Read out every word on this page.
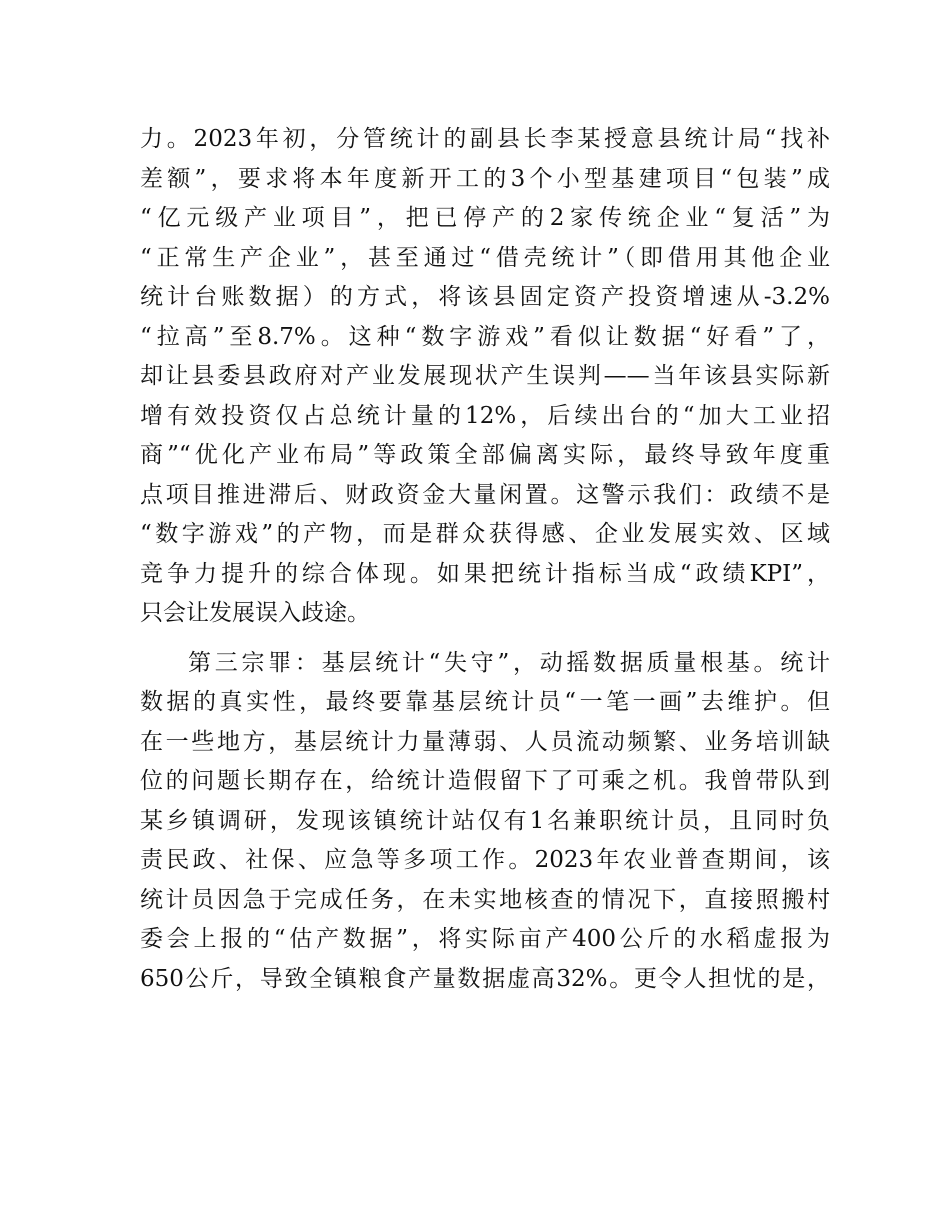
力。2023年初，分管统计的副县长李某授意县统计局“找补
差额”，要求将本年度新开工的3个小型基建项目“包装”成
“亿元级产业项目”，把已停产的2家传统企业“复活”为
“正常生产企业”，甚至通过“借壳统计”（即借用其他企业
统计台账数据）的方式，将该县固定资产投资增速从-3.2%
“拉高”至8.7%。这种“数字游戏”看似让数据“好看”了，
却让县委县政府对产业发展现状产生误判——当年该县实际新
增有效投资仅占总统计量的12%，后续出台的“加大工业招
商”“优化产业布局”等政策全部偏离实际，最终导致年度重
点项目推进滞后、财政资金大量闲置。这警示我们：政绩不是
“数字游戏”的产物，而是群众获得感、企业发展实效、区域
竞争力提升的综合体现。如果把统计指标当成“政绩KPI”，
只会让发展误入歧途。
第三宗罪：基层统计“失守”，动摇数据质量根基。统计
数据的真实性，最终要靠基层统计员“一笔一画”去维护。但
在一些地方，基层统计力量薄弱、人员流动频繁、业务培训缺
位的问题长期存在，给统计造假留下了可乘之机。我曾带队到
某乡镇调研，发现该镇统计站仅有1名兼职统计员，且同时负
责民政、社保、应急等多项工作。2023年农业普查期间，该
统计员因急于完成任务，在未实地核查的情况下，直接照搬村
委会上报的“估产数据”，将实际亩产400公斤的水稻虚报为
650公斤，导致全镇粮食产量数据虚高32%。更令人担忧的是，
